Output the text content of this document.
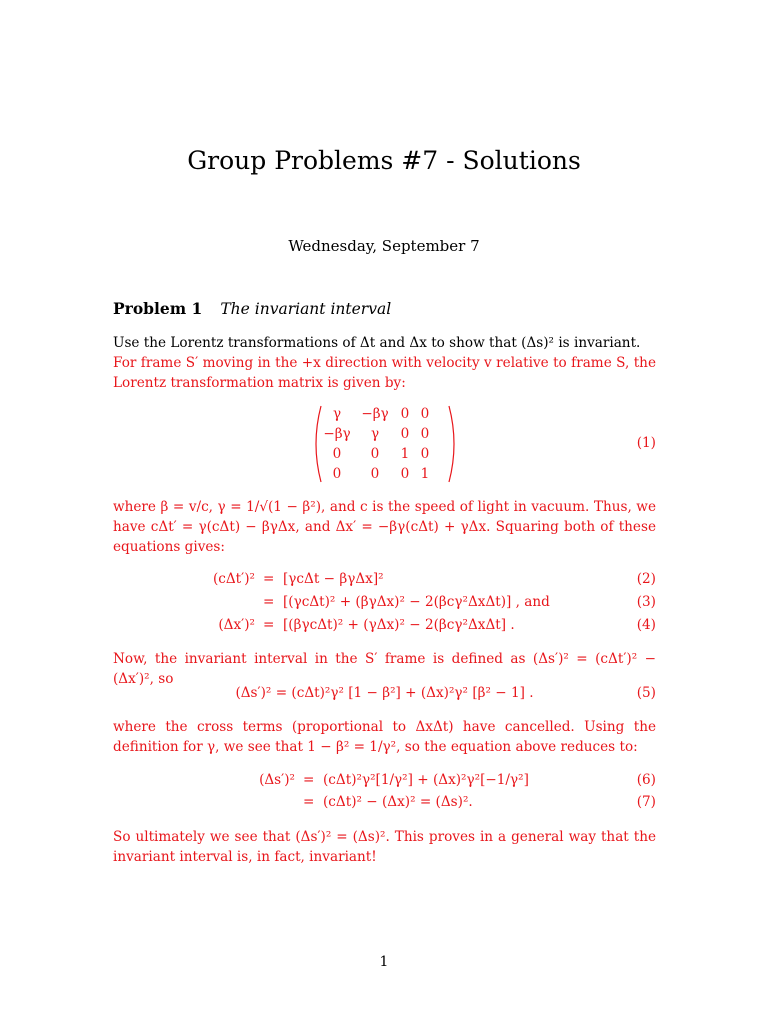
Group Problems #7 - Solutions
Wednesday, September 7
Problem 1 The invariant interval
Use the Lorentz transformations of Δt and Δx to show that (Δs)² is invariant.
For frame S′ moving in the +x direction with velocity v relative to frame S, the Lorentz transformation matrix is given by:
γ	−βγ 0 0
−βγ	γ	0 0
0	0	1 0
0	0	0 1
(1)
where β = v/c, γ = 1/√(1 − β²), and c is the speed of light in vacuum. Thus, we have cΔt′ = γ(cΔt) − βγΔx, and Δx′ = −βγ(cΔt) + γΔx. Squaring both of these equations gives:
(cΔt′)² = [γcΔt − βγΔx]²	(2)
= [(γcΔt)² + (βγΔx)² − 2(βcγ²ΔxΔt)] , and	(3)
(Δx′)² = [(βγcΔt)² + (γΔx)² − 2(βcγ²ΔxΔt] .	(4)
Now, the invariant interval in the S′ frame is defined as (Δs′)² = (cΔt′)² − (Δx′)², so
(Δs′)² = (cΔt)²γ² [1 − β²] + (Δx)²γ² [β² − 1] .	(5)
where the cross terms (proportional to ΔxΔt) have cancelled. Using the definition for γ, we see that 1 − β² = 1/γ², so the equation above reduces to:
(Δs′)² = (cΔt)²γ²[1/γ²] + (Δx)²γ²[−1/γ²]	(6)
= (cΔt)² − (Δx)² = (Δs)².	(7)
So ultimately we see that (Δs′)² = (Δs)². This proves in a general way that the invariant interval is, in fact, invariant!
1
